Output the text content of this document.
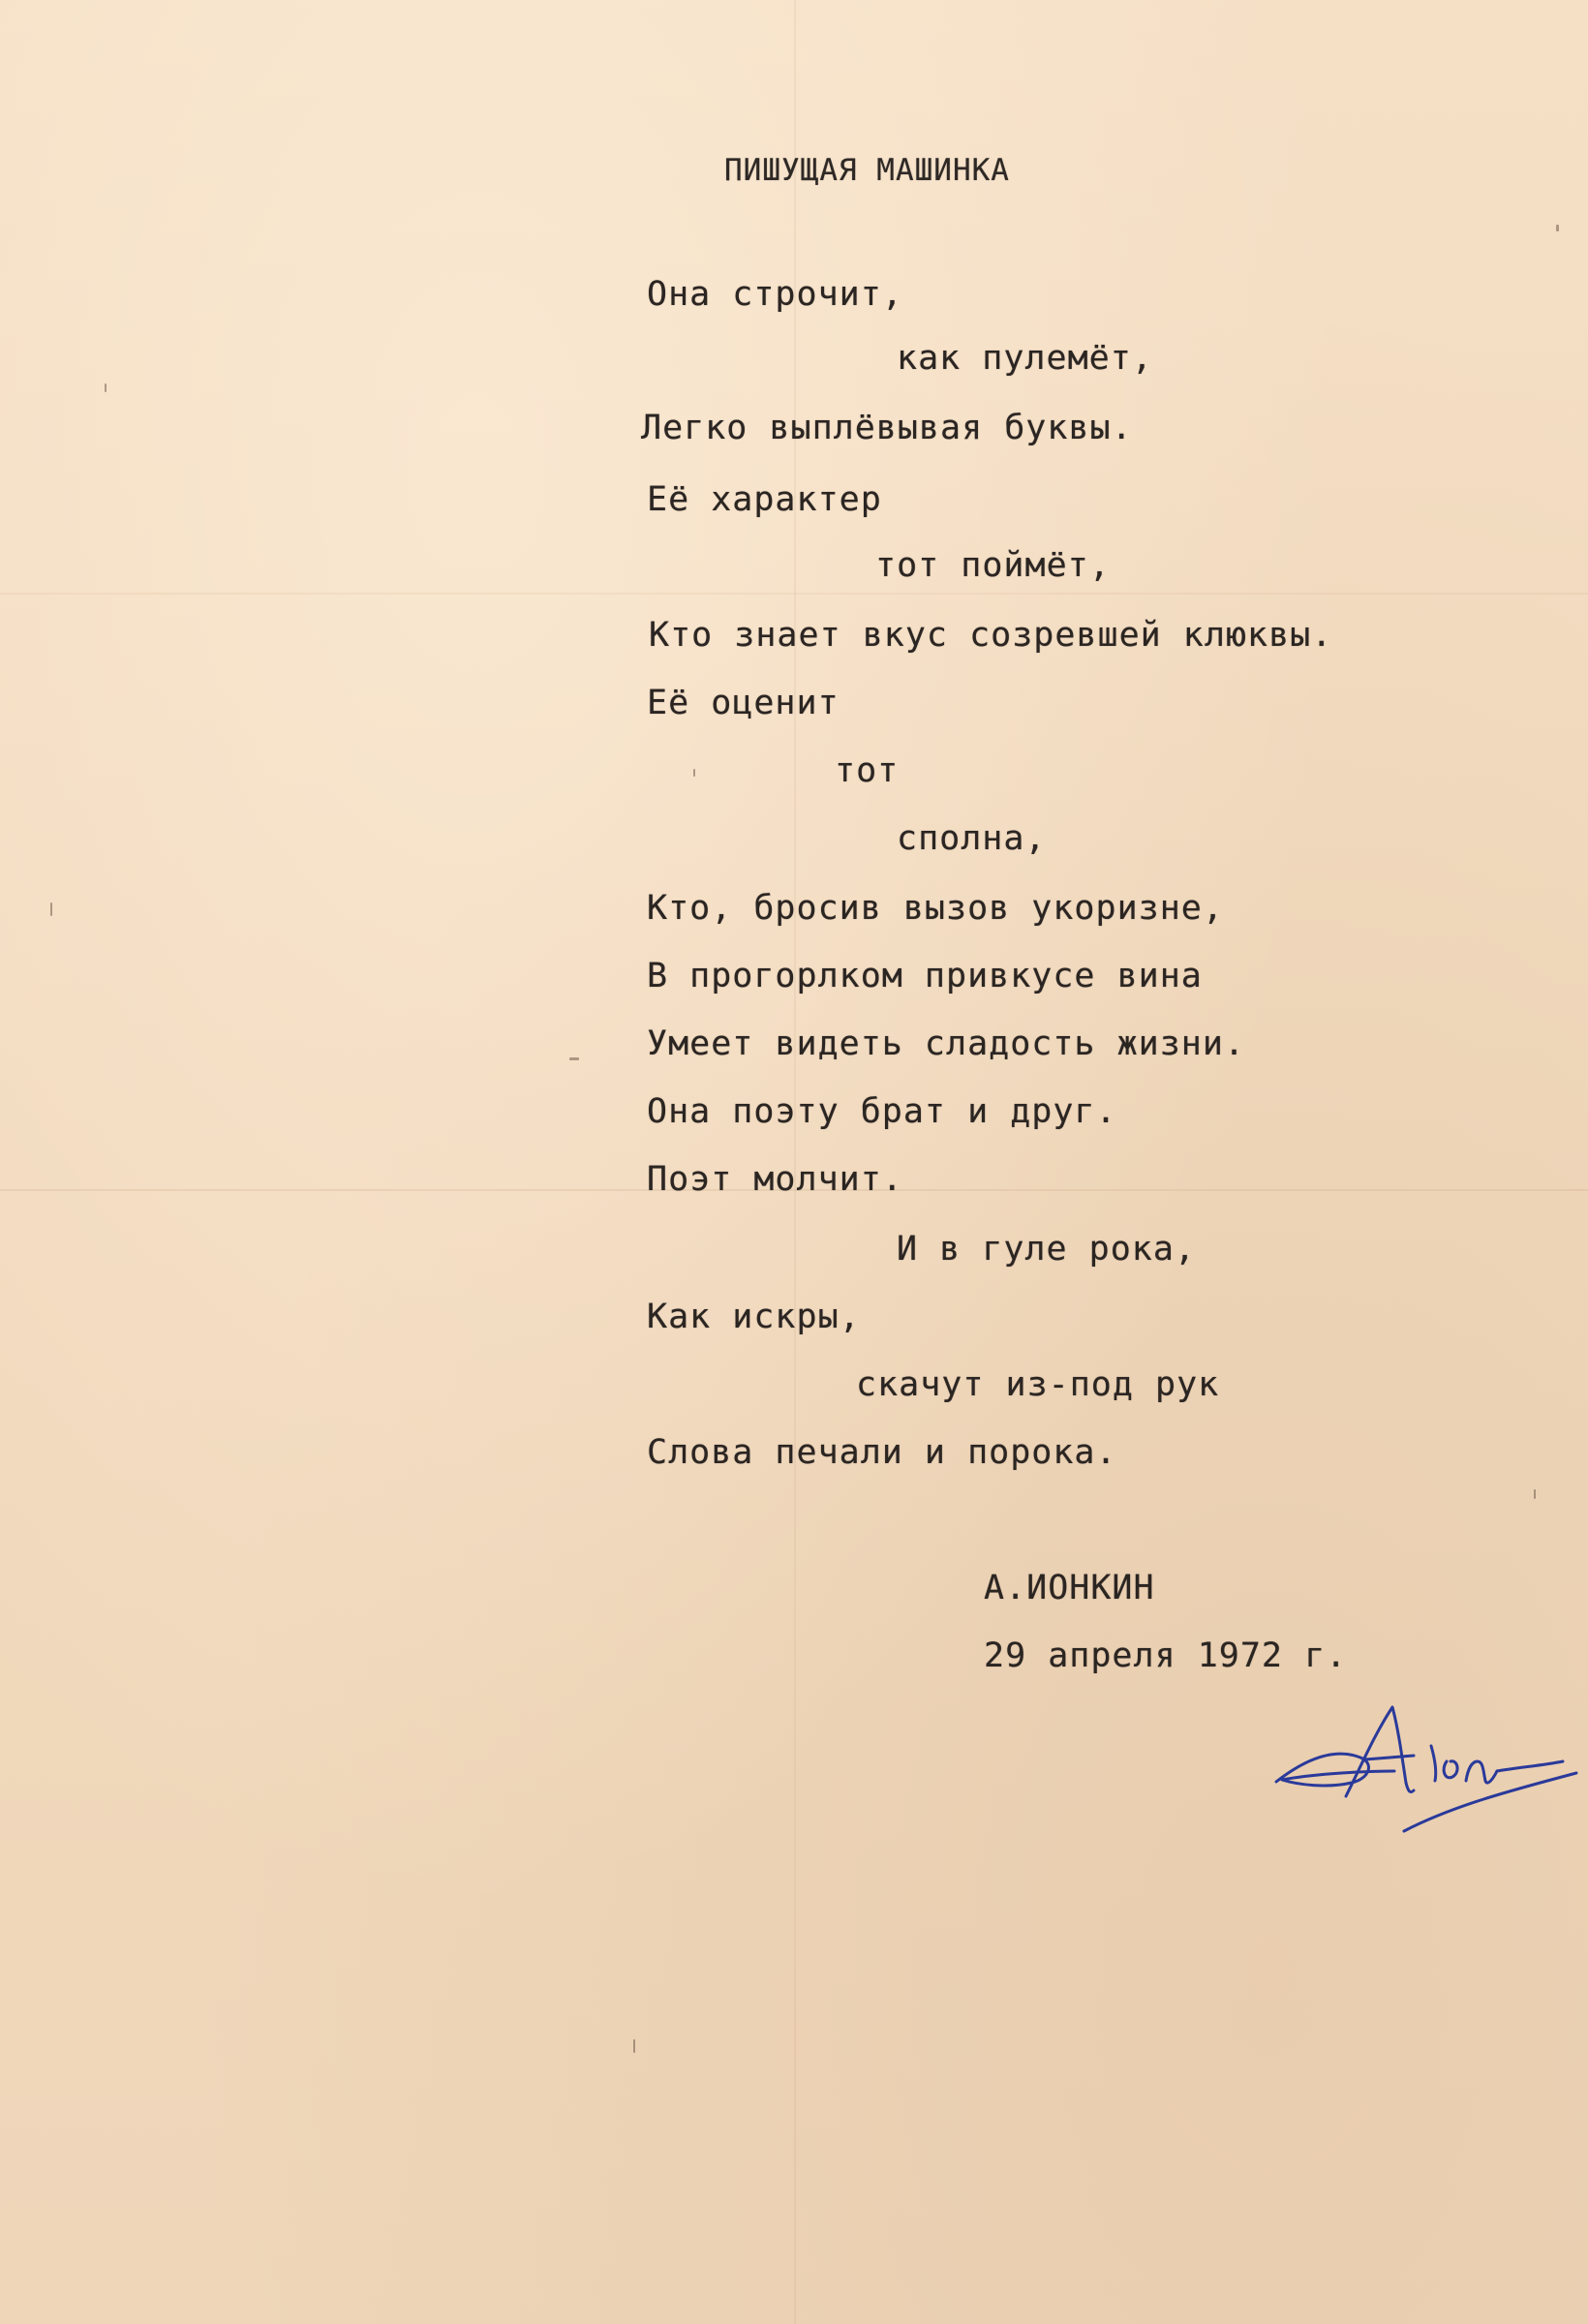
ПИШУЩАЯ МАШИНКА
Она строчит,
как пулемёт,
Легко выплёвывая буквы.
Её характер
тот поймёт,
Кто знает вкус созревшей клюквы.
Её оценит
тот
сполна,
Кто, бросив вызов укоризне,
В прогорлком привкусе вина
Умеет видеть сладость жизни.
Она поэту брат и друг.
Поэт молчит.
И в гуле рока,
Как искры,
скачут из-под рук
Слова печали и порока.
А.ИОНКИН
29 апреля 1972 г.
